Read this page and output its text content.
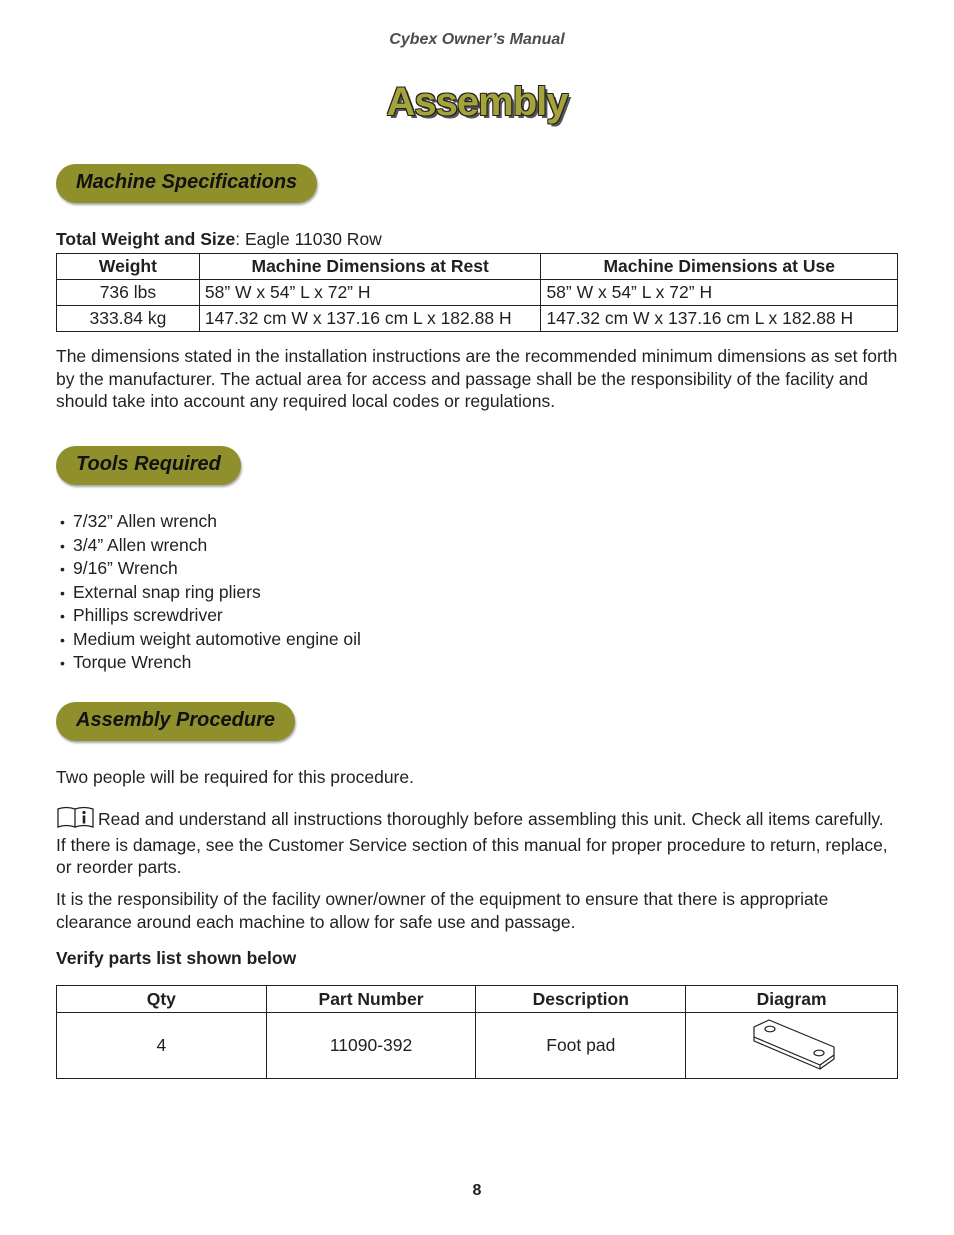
Cybex Owner’s Manual
Assembly
Machine Specifications
Total Weight and Size: Eagle 11030 Row
Weight	Machine Dimensions at Rest	Machine Dimensions at Use
736 lbs	58” W x 54” L x 72” H	58” W x 54” L x 72” H
333.84 kg	147.32 cm W x 137.16 cm L x 182.88 H	147.32 cm W x 137.16 cm L x 182.88 H
The dimensions stated in the installation instructions are the recommended minimum dimensions as set forth by the manufacturer. The actual area for access and passage shall be the responsibility of the facility and should take into account any required local codes or regulations.
Tools Required
• 7/32” Allen wrench
• 3/4” Allen wrench
• 9/16” Wrench
• External snap ring pliers
• Phillips screwdriver
• Medium weight automotive engine oil
• Torque Wrench
Assembly Procedure
Two people will be required for this procedure.
Read and understand all instructions thoroughly before assembling this unit. Check all items carefully. If there is damage, see the Customer Service section of this manual for proper procedure to return, replace, or reorder parts.
It is the responsibility of the facility owner/owner of the equipment to ensure that there is appropriate clearance around each machine to allow for safe use and passage.
Verify parts list shown below
Qty	Part Number	Description	Diagram
4	11090-392	Foot pad	
8
